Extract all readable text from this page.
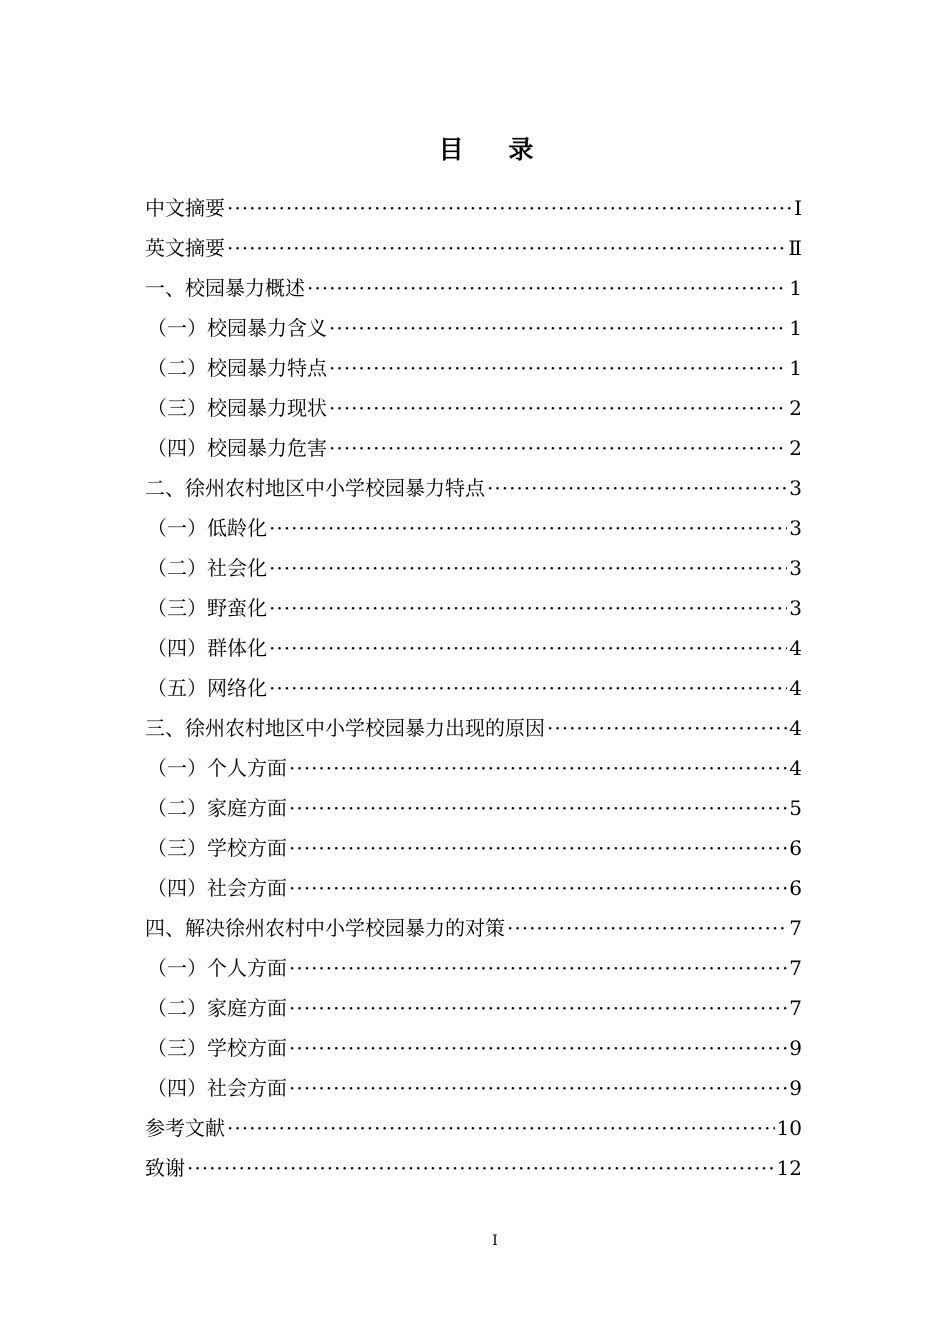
目 录
中文摘要 ·····	Ⅰ
英文摘要 ·····	Ⅱ
一、校园暴力概述 ·····	1
（一）校园暴力含义 ·····	1
（二）校园暴力特点 ·····	1
（三）校园暴力现状 ·····	2
（四）校园暴力危害 ·····	2
二、徐州农村地区中小学校园暴力特点 ·····	3
（一）低龄化 ·····	3
（二）社会化 ·····	3
（三）野蛮化 ·····	3
（四）群体化 ·····	4
（五）网络化 ·····	4
三、徐州农村地区中小学校园暴力出现的原因 ·····	4
（一）个人方面 ·····	4
（二）家庭方面 ·····	5
（三）学校方面 ·····	6
（四）社会方面 ·····	6
四、解决徐州农村中小学校园暴力的对策 ·····	7
（一）个人方面 ·····	7
（二）家庭方面 ·····	7
（三）学校方面 ·····	9
（四）社会方面 ·····	9
参考文献 ·····	10
致谢 ·····	12
I
